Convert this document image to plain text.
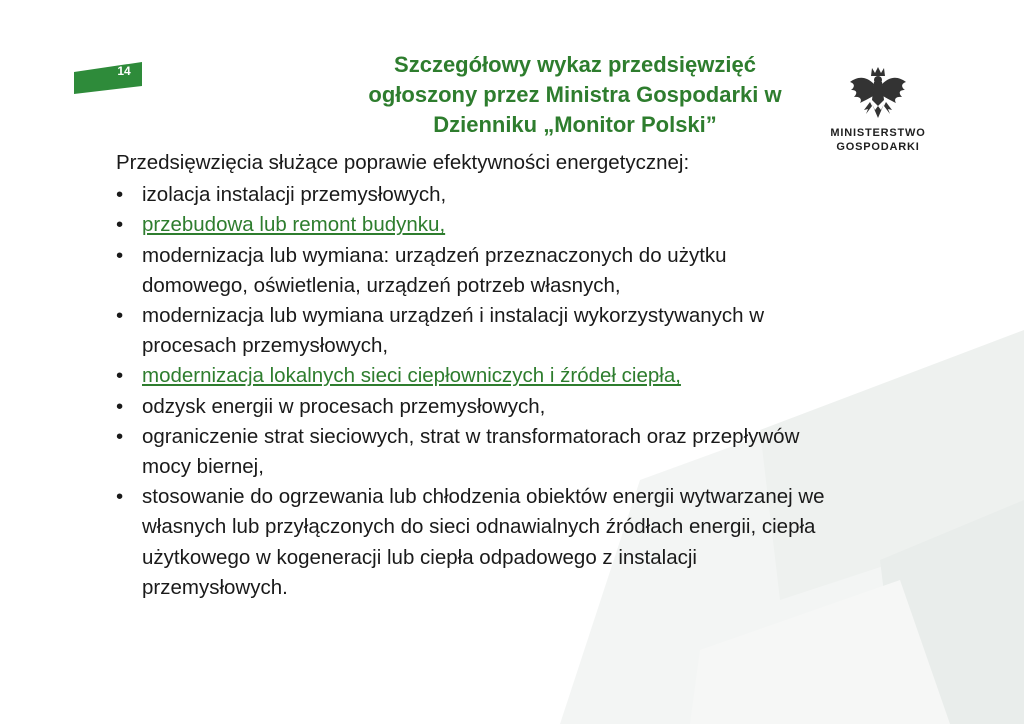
14	Szczegółowy wykaz przedsięwzięć
ogłoszony przez Ministra Gospodarki w
Dzienniku „Monitor Polski”	MINISTERSTWO
GOSPODARKI

Przedsięwzięcia służące poprawie efektywności energetycznej:

• izolacja instalacji przemysłowych,
• przebudowa lub remont budynku,
• modernizacja lub wymiana: urządzeń przeznaczonych do użytku domowego, oświetlenia, urządzeń potrzeb własnych,
• modernizacja lub wymiana urządzeń i instalacji wykorzystywanych w procesach przemysłowych,
• modernizacja lokalnych sieci ciepłowniczych i źródeł ciepła,
• odzysk energii w procesach przemysłowych,
• ograniczenie strat sieciowych, strat w transformatorach oraz przepływów mocy biernej,
• stosowanie do ogrzewania lub chłodzenia obiektów energii wytwarzanej we własnych lub przyłączonych do sieci odnawialnych źródłach energii, ciepła użytkowego w kogeneracji lub ciepła odpadowego z instalacji przemysłowych.
